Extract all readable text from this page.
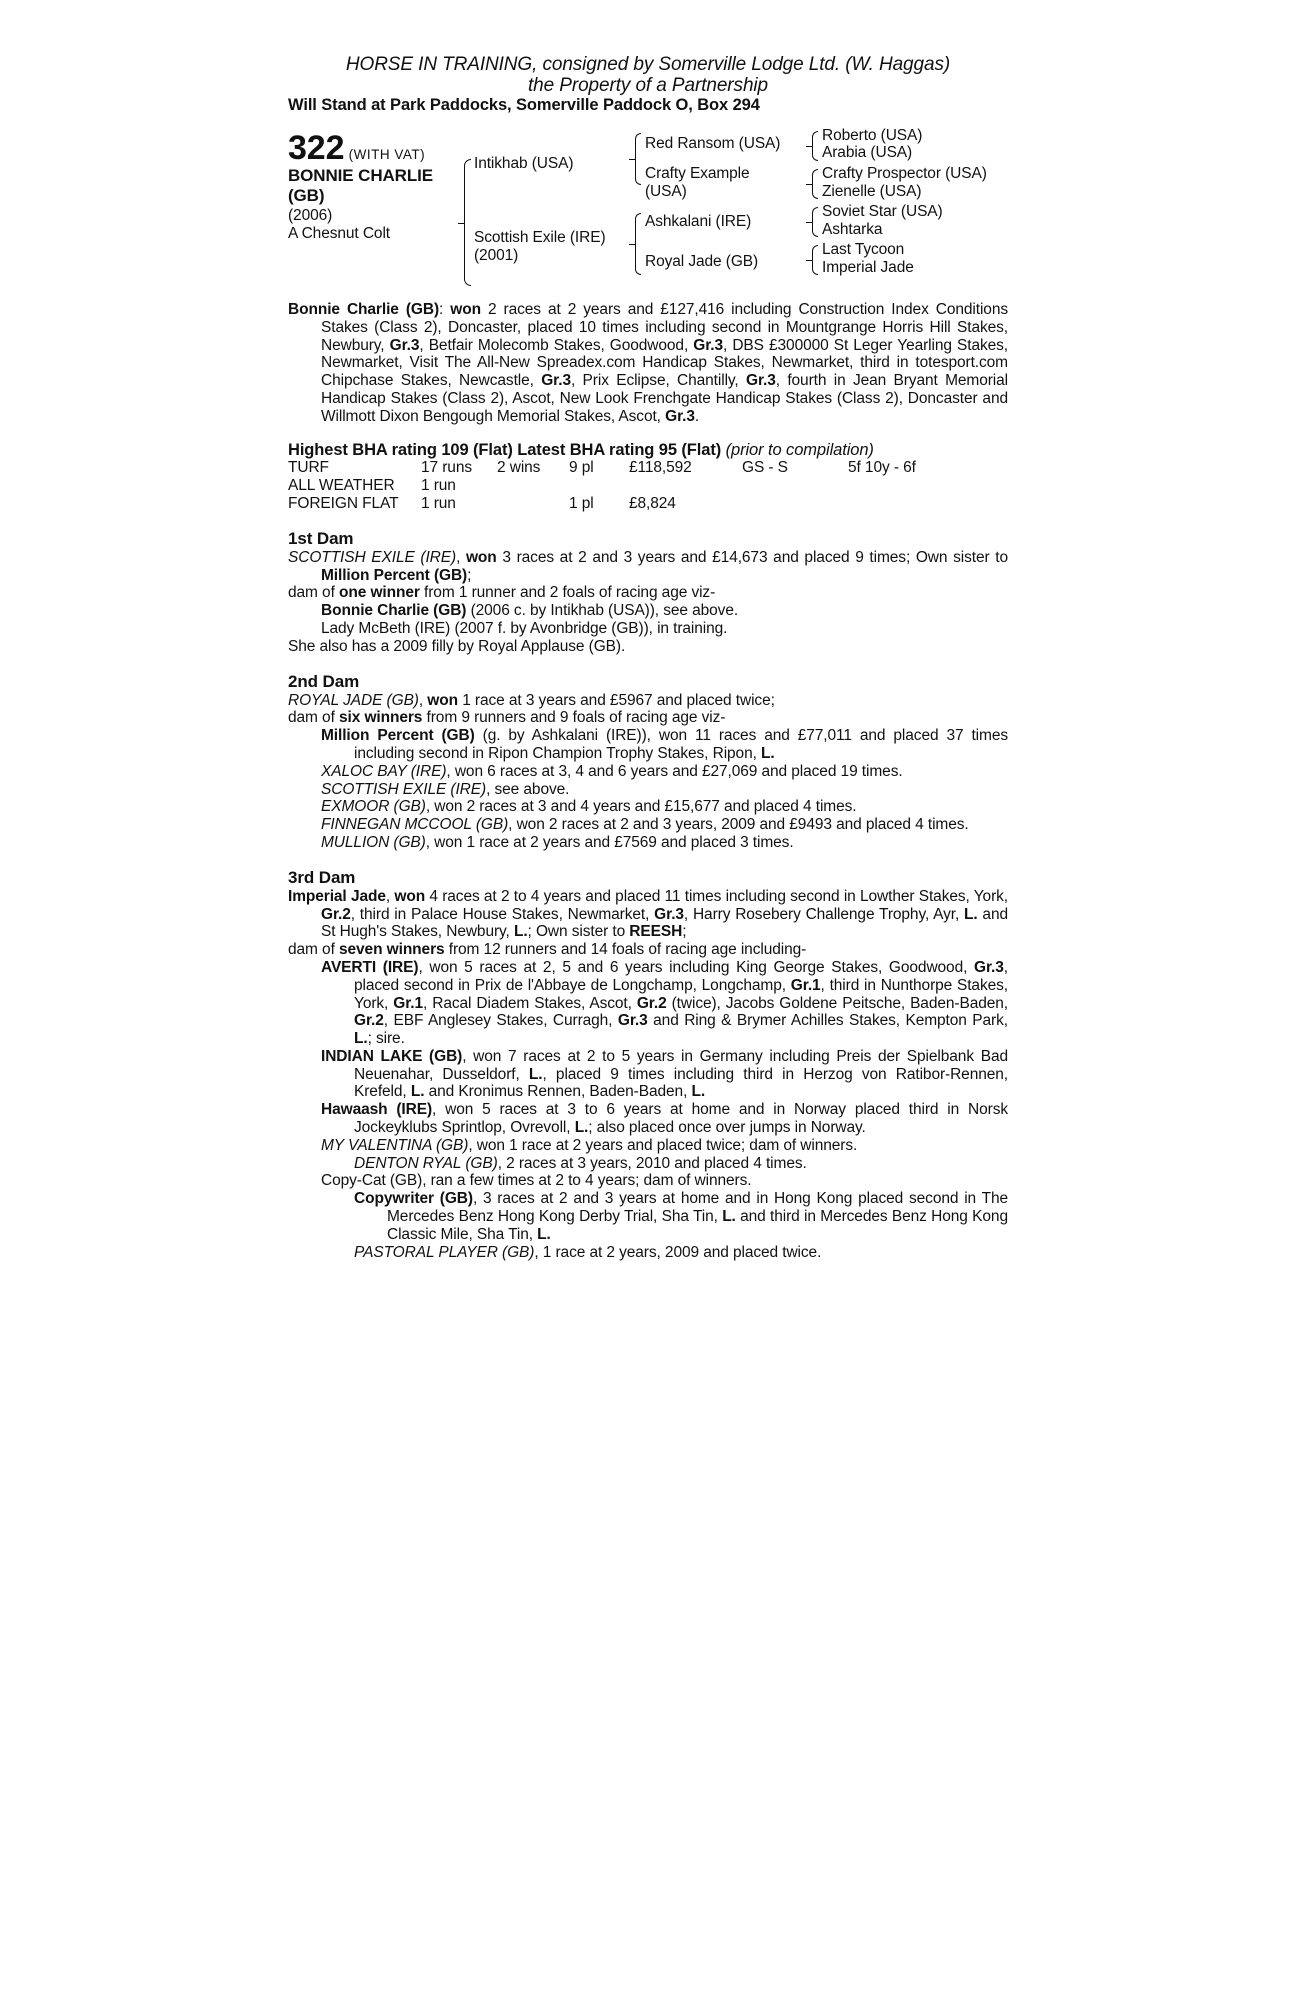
HORSE IN TRAINING, consigned by Somerville Lodge Ltd. (W. Haggas)
the Property of a Partnership
Will Stand at Park Paddocks, Somerville Paddock O, Box 294
322 (WITH VAT)
BONNIE CHARLIE
(GB)
(2006)
A Chesnut Colt
Intikhab (USA)
Scottish Exile (IRE)
(2001)
Red Ransom (USA)
Crafty Example
(USA)
Ashkalani (IRE)
Royal Jade (GB)
Roberto (USA)
Arabia (USA)
Crafty Prospector (USA)
Zienelle (USA)
Soviet Star (USA)
Ashtarka
Last Tycoon
Imperial Jade

Bonnie Charlie (GB): won 2 races at 2 years and £127,416 including Construction Index Conditions Stakes (Class 2), Doncaster, placed 10 times including second in Mountgrange Horris Hill Stakes, Newbury, Gr.3, Betfair Molecomb Stakes, Goodwood, Gr.3, DBS £300000 St Leger Yearling Stakes, Newmarket, Visit The All-New Spreadex.com Handicap Stakes, Newmarket, third in totesport.com Chipchase Stakes, Newcastle, Gr.3, Prix Eclipse, Chantilly, Gr.3, fourth in Jean Bryant Memorial Handicap Stakes (Class 2), Ascot, New Look Frenchgate Handicap Stakes (Class 2), Doncaster and Willmott Dixon Bengough Memorial Stakes, Ascot, Gr.3.

Highest BHA rating 109 (Flat) Latest BHA rating 95 (Flat) (prior to compilation)
TURF	17 runs	2 wins	9 pl	£118,592	GS - S	5f 10y - 6f
ALL WEATHER	1 run					
FOREIGN FLAT	1 run		1 pl	£8,824		
1st Dam

SCOTTISH EXILE (IRE), won 3 races at 2 and 3 years and £14,673 and placed 9 times; Own sister to Million Percent (GB);

dam of one winner from 1 runner and 2 foals of racing age viz-

Bonnie Charlie (GB) (2006 c. by Intikhab (USA)), see above.

Lady McBeth (IRE) (2007 f. by Avonbridge (GB)), in training.

She also has a 2009 filly by Royal Applause (GB).

2nd Dam

ROYAL JADE (GB), won 1 race at 3 years and £5967 and placed twice;

dam of six winners from 9 runners and 9 foals of racing age viz-

Million Percent (GB) (g. by Ashkalani (IRE)), won 11 races and £77,011 and placed 37 times including second in Ripon Champion Trophy Stakes, Ripon, L.

XALOC BAY (IRE), won 6 races at 3, 4 and 6 years and £27,069 and placed 19 times.

SCOTTISH EXILE (IRE), see above.

EXMOOR (GB), won 2 races at 3 and 4 years and £15,677 and placed 4 times.

FINNEGAN MCCOOL (GB), won 2 races at 2 and 3 years, 2009 and £9493 and placed 4 times.

MULLION (GB), won 1 race at 2 years and £7569 and placed 3 times.

3rd Dam

Imperial Jade, won 4 races at 2 to 4 years and placed 11 times including second in Lowther Stakes, York, Gr.2, third in Palace House Stakes, Newmarket, Gr.3, Harry Rosebery Challenge Trophy, Ayr, L. and St Hugh's Stakes, Newbury, L.; Own sister to REESH;

dam of seven winners from 12 runners and 14 foals of racing age including-

AVERTI (IRE), won 5 races at 2, 5 and 6 years including King George Stakes, Goodwood, Gr.3, placed second in Prix de l'Abbaye de Longchamp, Longchamp, Gr.1, third in Nunthorpe Stakes, York, Gr.1, Racal Diadem Stakes, Ascot, Gr.2 (twice), Jacobs Goldene Peitsche, Baden-Baden, Gr.2, EBF Anglesey Stakes, Curragh, Gr.3 and Ring & Brymer Achilles Stakes, Kempton Park, L.; sire.

INDIAN LAKE (GB), won 7 races at 2 to 5 years in Germany including Preis der Spielbank Bad Neuenahar, Dusseldorf, L., placed 9 times including third in Herzog von Ratibor-Rennen, Krefeld, L. and Kronimus Rennen, Baden-Baden, L.

Hawaash (IRE), won 5 races at 3 to 6 years at home and in Norway placed third in Norsk Jockeyklubs Sprintlop, Ovrevoll, L.; also placed once over jumps in Norway.

MY VALENTINA (GB), won 1 race at 2 years and placed twice; dam of winners.

DENTON RYAL (GB), 2 races at 3 years, 2010 and placed 4 times.

Copy-Cat (GB), ran a few times at 2 to 4 years; dam of winners.

Copywriter (GB), 3 races at 2 and 3 years at home and in Hong Kong placed second in The Mercedes Benz Hong Kong Derby Trial, Sha Tin, L. and third in Mercedes Benz Hong Kong Classic Mile, Sha Tin, L.

PASTORAL PLAYER (GB), 1 race at 2 years, 2009 and placed twice.
